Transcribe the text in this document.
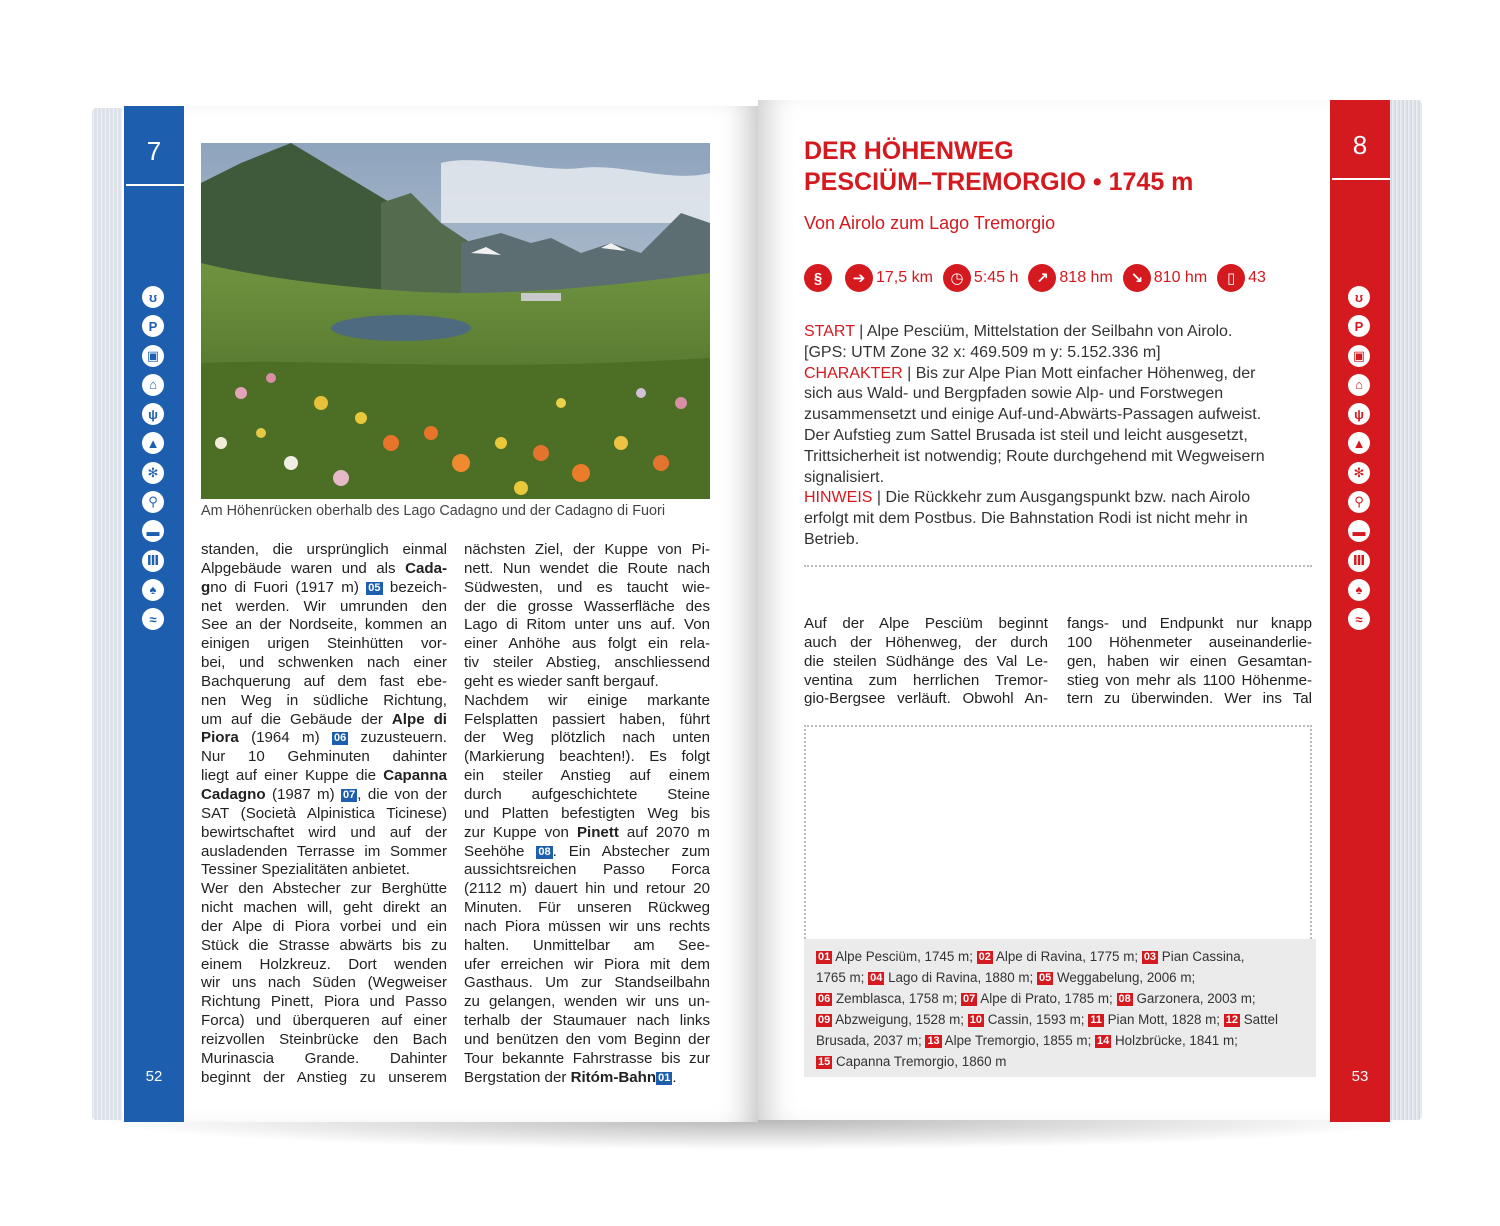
7
ʊ
P
▣
⌂
ψ
▲
✻
⚲
▬
Ⅲ
♠
≈
52
8
ʊ
P
▣
⌂
ψ
▲
✻
⚲
▬
Ⅲ
♠
≈
53
Am Höhenrücken oberhalb des Lago Cadagno und der Cadagno di Fuori
standen, die ursprünglich einmal
Alpgebäude waren und als Cada-
gno di Fuori (1917 m) 05 bezeich-
net werden. Wir umrunden den
See an der Nordseite, kommen an
einigen urigen Steinhütten vor-
bei, und schwenken nach einer
Bachquerung auf dem fast ebe-
nen Weg in südliche Richtung,
um auf die Gebäude der Alpe di
Piora (1964 m) 06 zuzusteuern.
Nur 10 Gehminuten dahinter
liegt auf einer Kuppe die Capanna
Cadagno (1987 m) 07 , die von der
SAT (Società Alpinistica Ticinese)
bewirtschaftet wird und auf der
ausladenden Terrasse im Sommer
Tessiner Spezialitäten anbietet.
Wer den Abstecher zur Berghütte
nicht machen will, geht direkt an
der Alpe di Piora vorbei und ein
Stück die Strasse abwärts bis zu
einem Holzkreuz. Dort wenden
wir uns nach Süden (Wegweiser
Richtung Pinett, Piora und Passo
Forca) und überqueren auf einer
reizvollen Steinbrücke den Bach
Murinascia Grande. Dahinter
beginnt der Anstieg zu unserem
nächsten Ziel, der Kuppe von Pi-
nett. Nun wendet die Route nach
Südwesten, und es taucht wie-
der die grosse Wasserfläche des
Lago di Ritom unter uns auf. Von
einer Anhöhe aus folgt ein rela-
tiv steiler Abstieg, anschliessend
geht es wieder sanft bergauf.
Nachdem wir einige markante
Felsplatten passiert haben, führt
der Weg plötzlich nach unten
(Markierung beachten!). Es folgt
ein steiler Anstieg auf einem
durch aufgeschichtete Steine
und Platten befestigten Weg bis
zur Kuppe von Pinett auf 2070 m
Seehöhe 08 . Ein Abstecher zum
aussichtsreichen Passo Forca
(2112 m) dauert hin und retour 20
Minuten. Für unseren Rückweg
nach Piora müssen wir uns rechts
halten. Unmittelbar am See-
ufer erreichen wir Piora mit dem
Gasthaus. Um zur Standseilbahn
zu gelangen, wenden wir uns un-
terhalb der Staumauer nach links
und benützen den vom Beginn der
Tour bekannte Fahrstrasse bis zur
Bergstation der Ritóm-Bahn 01 .
DER HÖHENWEG
PESCIÜM–TREMORGIO • 1745 m
Von Airolo zum Lago Tremorgio
§	➔ 17,5 km	◷ 5:45 h	↗ 818 hm	↘ 810 hm	▯ 43
START | Alpe Pesciüm, Mittelstation der Seilbahn von Airolo.
[GPS: UTM Zone 32 x: 469.509 m y: 5.152.336 m]
CHARAKTER | Bis zur Alpe Pian Mott einfacher Höhenweg, der
sich aus Wald- und Bergpfaden sowie Alp- und Forstwegen
zusammensetzt und einige Auf-und-Abwärts-Passagen aufweist.
Der Aufstieg zum Sattel Brusada ist steil und leicht ausgesetzt,
Trittsicherheit ist notwendig; Route durchgehend mit Wegweisern
signalisiert.
HINWEIS | Die Rückkehr zum Ausgangspunkt bzw. nach Airolo
erfolgt mit dem Postbus. Die Bahnstation Rodi ist nicht mehr in
Betrieb.
Auf der Alpe Pesciüm beginnt
auch der Höhenweg, der durch
die steilen Südhänge des Val Le-
ventina zum herrlichen Tremor-
gio-Bergsee verläuft. Obwohl An-
fangs- und Endpunkt nur knapp
100 Höhenmeter auseinanderlie-
gen, haben wir einen Gesamtan-
stieg von mehr als 1100 Höhenme-
tern zu überwinden. Wer ins Tal
01 Alpe Pesciüm, 1745 m; 02 Alpe di Ravina, 1775 m; 03 Pian Cassina,
1765 m; 04 Lago di Ravina, 1880 m; 05 Weggabelung, 2006 m;
06 Zemblasca, 1758 m; 07 Alpe di Prato, 1785 m; 08 Garzonera, 2003 m;
09 Abzweigung, 1528 m; 10 Cassin, 1593 m; 11 Pian Mott, 1828 m; 12 Sattel
Brusada, 2037 m; 13 Alpe Tremorgio, 1855 m; 14 Holzbrücke, 1841 m;
15 Capanna Tremorgio, 1860 m
